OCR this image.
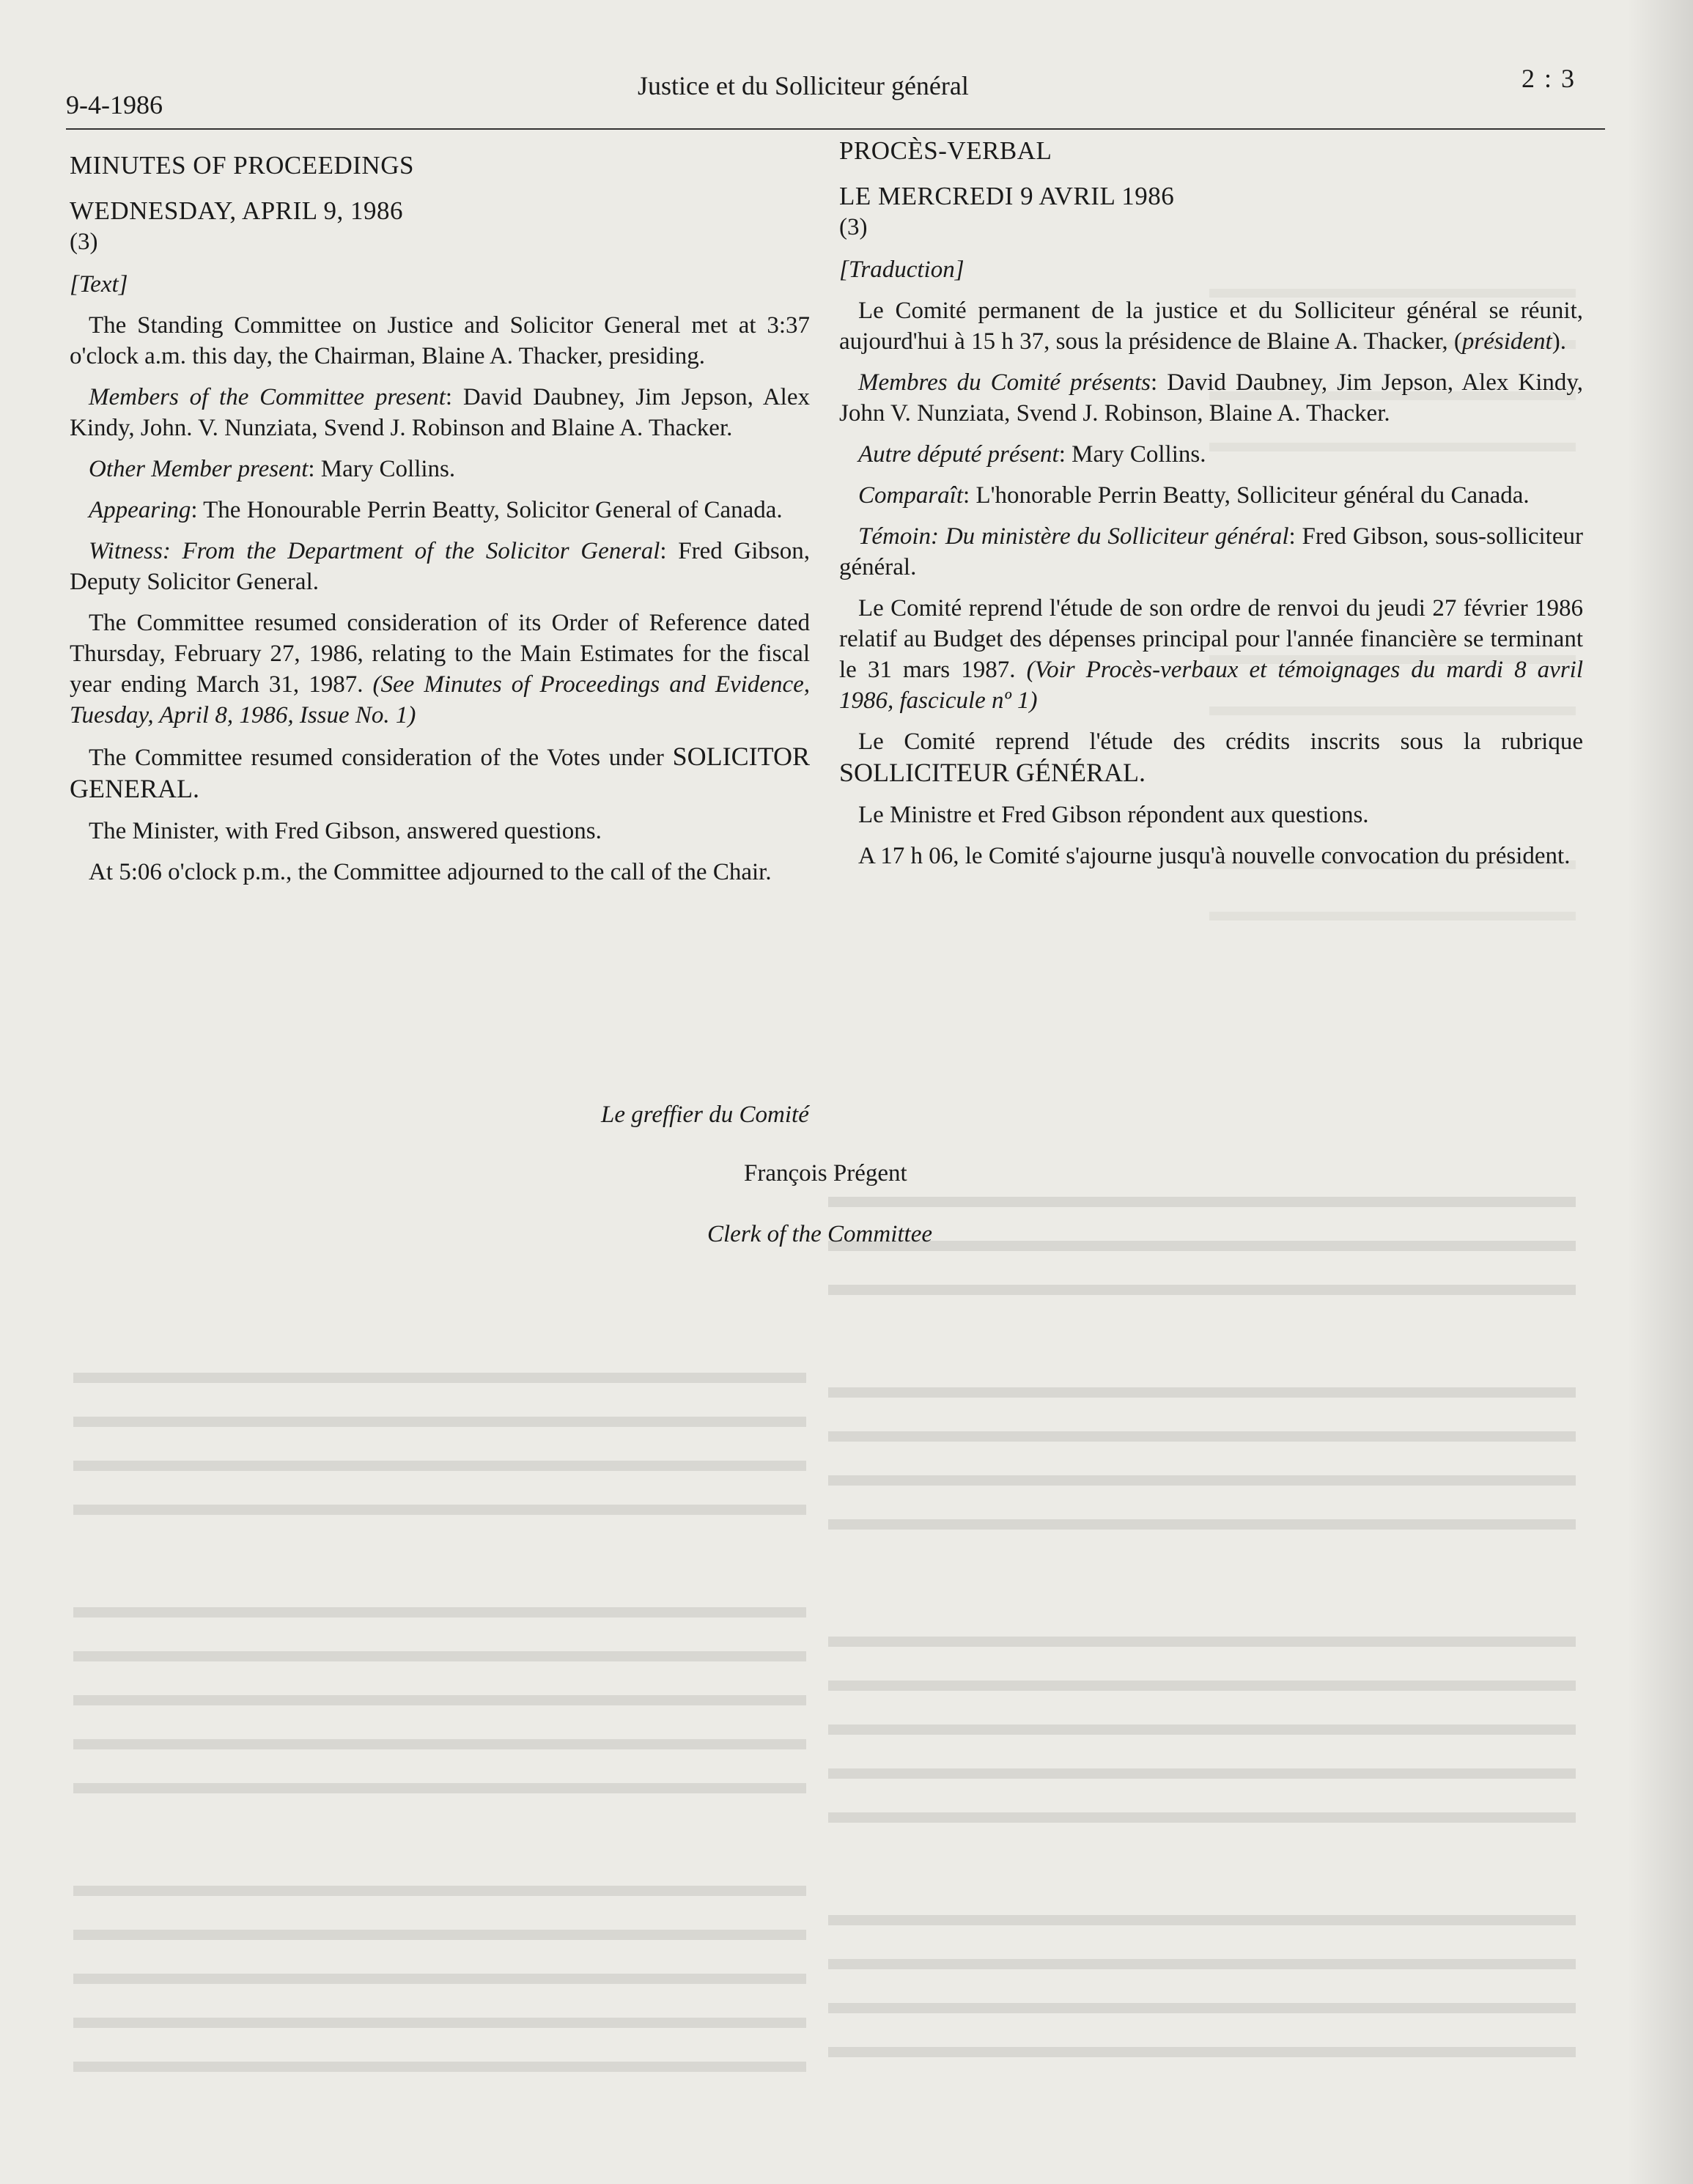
9-4-1986
Justice et du Solliciteur général	2 : 3
MINUTES OF PROCEEDINGS
WEDNESDAY, APRIL 9, 1986
(3)
[Text]

The Standing Committee on Justice and Solicitor General met at 3:37 o'clock a.m. this day, the Chairman, Blaine A. Thacker, presiding.

Members of the Committee present: David Daubney, Jim Jepson, Alex Kindy, John. V. Nunziata, Svend J. Robinson and Blaine A. Thacker.

Other Member present: Mary Collins.

Appearing: The Honourable Perrin Beatty, Solicitor General of Canada.

Witness: From the Department of the Solicitor General: Fred Gibson, Deputy Solicitor General.

The Committee resumed consideration of its Order of Reference dated Thursday, February 27, 1986, relating to the Main Estimates for the fiscal year ending March 31, 1987. (See Minutes of Proceedings and Evidence, Tuesday, April 8, 1986, Issue No. 1)

The Committee resumed consideration of the Votes under SOLICITOR GENERAL.

The Minister, with Fred Gibson, answered questions.

At 5:06 o'clock p.m., the Committee adjourned to the call of the Chair.

PROCÈS-VERBAL
LE MERCREDI 9 AVRIL 1986
(3)
[Traduction]

Le Comité permanent de la justice et du Solliciteur général se réunit, aujourd'hui à 15 h 37, sous la présidence de Blaine A. Thacker, (président).

Membres du Comité présents: David Daubney, Jim Jepson, Alex Kindy, John V. Nunziata, Svend J. Robinson, Blaine A. Thacker.

Autre député présent: Mary Collins.

Comparaît: L'honorable Perrin Beatty, Solliciteur général du Canada.

Témoin: Du ministère du Solliciteur général: Fred Gibson, sous-solliciteur général.

Le Comité reprend l'étude de son ordre de renvoi du jeudi 27 février 1986 relatif au Budget des dépenses principal pour l'année financière se terminant le 31 mars 1987. (Voir Procès-verbaux et témoignages du mardi 8 avril 1986, fascicule nº 1)

Le Comité reprend l'étude des crédits inscrits sous la rubrique SOLLICITEUR GÉNÉRAL.

Le Ministre et Fred Gibson répondent aux questions.

A 17 h 06, le Comité s'ajourne jusqu'à nouvelle convocation du président.

Le greffier du Comité
François Prégent
Clerk of the Committee
